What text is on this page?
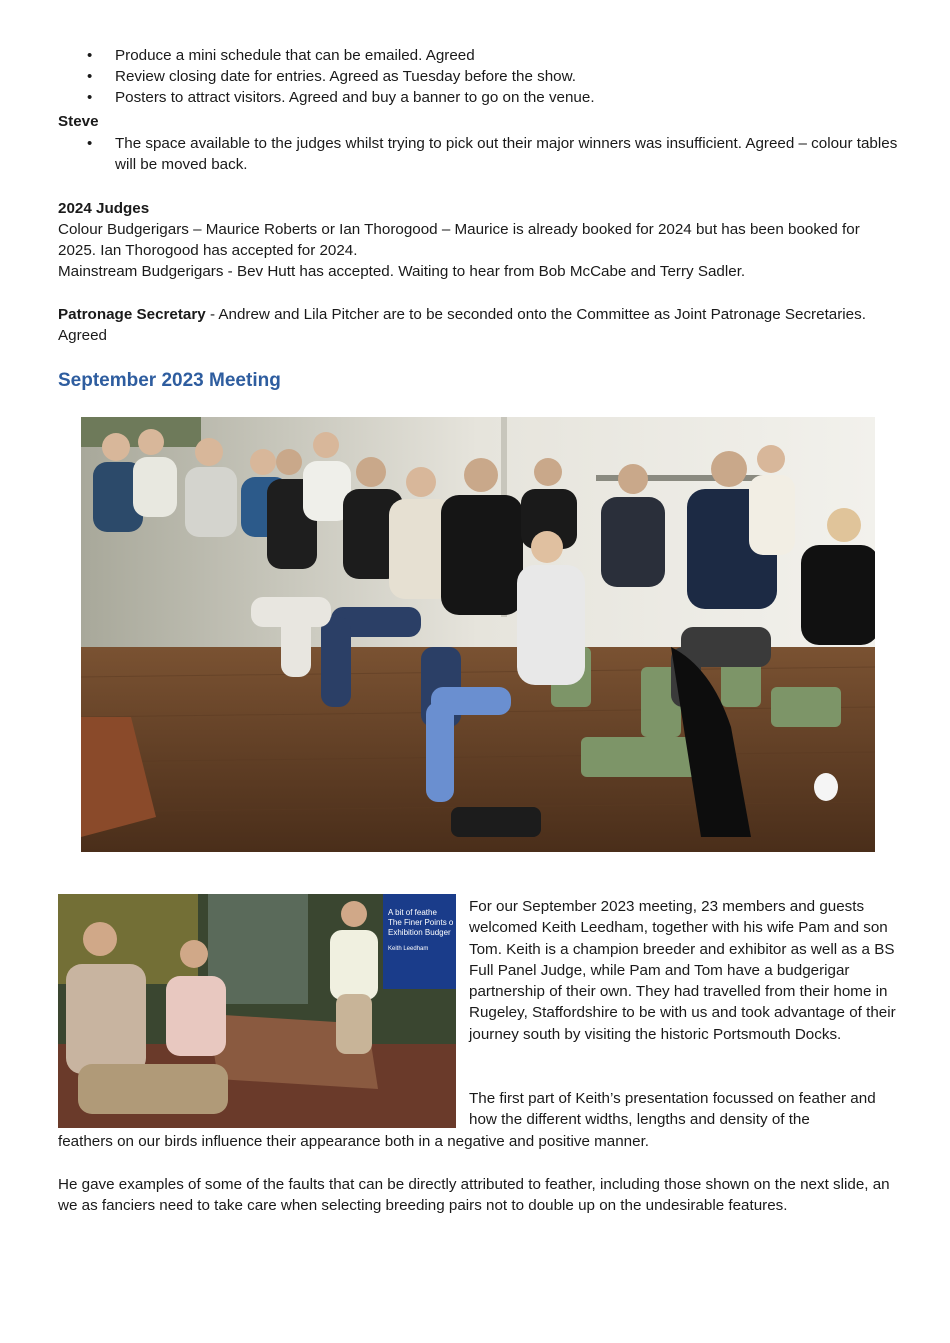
• Produce a mini schedule that can be emailed. Agreed
• Review closing date for entries. Agreed as Tuesday before the show.
• Posters to attract visitors. Agreed and buy a banner to go on the venue.
Steve
• The space available to the judges whilst trying to pick out their major winners was insufficient. Agreed – colour tables will be moved back.
2024 Judges
Colour Budgerigars – Maurice Roberts or Ian Thorogood – Maurice is already booked for 2024 but has been booked for 2025. Ian Thorogood has accepted for 2024.
Mainstream Budgerigars - Bev Hutt has accepted. Waiting to hear from Bob McCabe and Terry Sadler.
Patronage Secretary - Andrew and Lila Pitcher are to be seconded onto the Committee as Joint Patronage Secretaries. Agreed
September 2023 Meeting
A bit of feathe
The Finer Points o
Exhibition Budger
Keith Leedham
For our September 2023 meeting, 23 members and guests welcomed Keith Leedham, together with his wife Pam and son Tom. Keith is a champion breeder and exhibitor as well as a BS Full Panel Judge, while Pam and Tom have a budgerigar partnership of their own. They had travelled from their home in Rugeley, Staffordshire to be with us and took advantage of their journey south by visiting the historic Portsmouth Docks.
The first part of Keith’s presentation focussed on feather and how the different widths, lengths and density of the
feathers on our birds influence their appearance both in a negative and positive manner.
He gave examples of some of the faults that can be directly attributed to feather, including those shown on the next slide, an we as fanciers need to take care when selecting breeding pairs not to double up on the undesirable features.
